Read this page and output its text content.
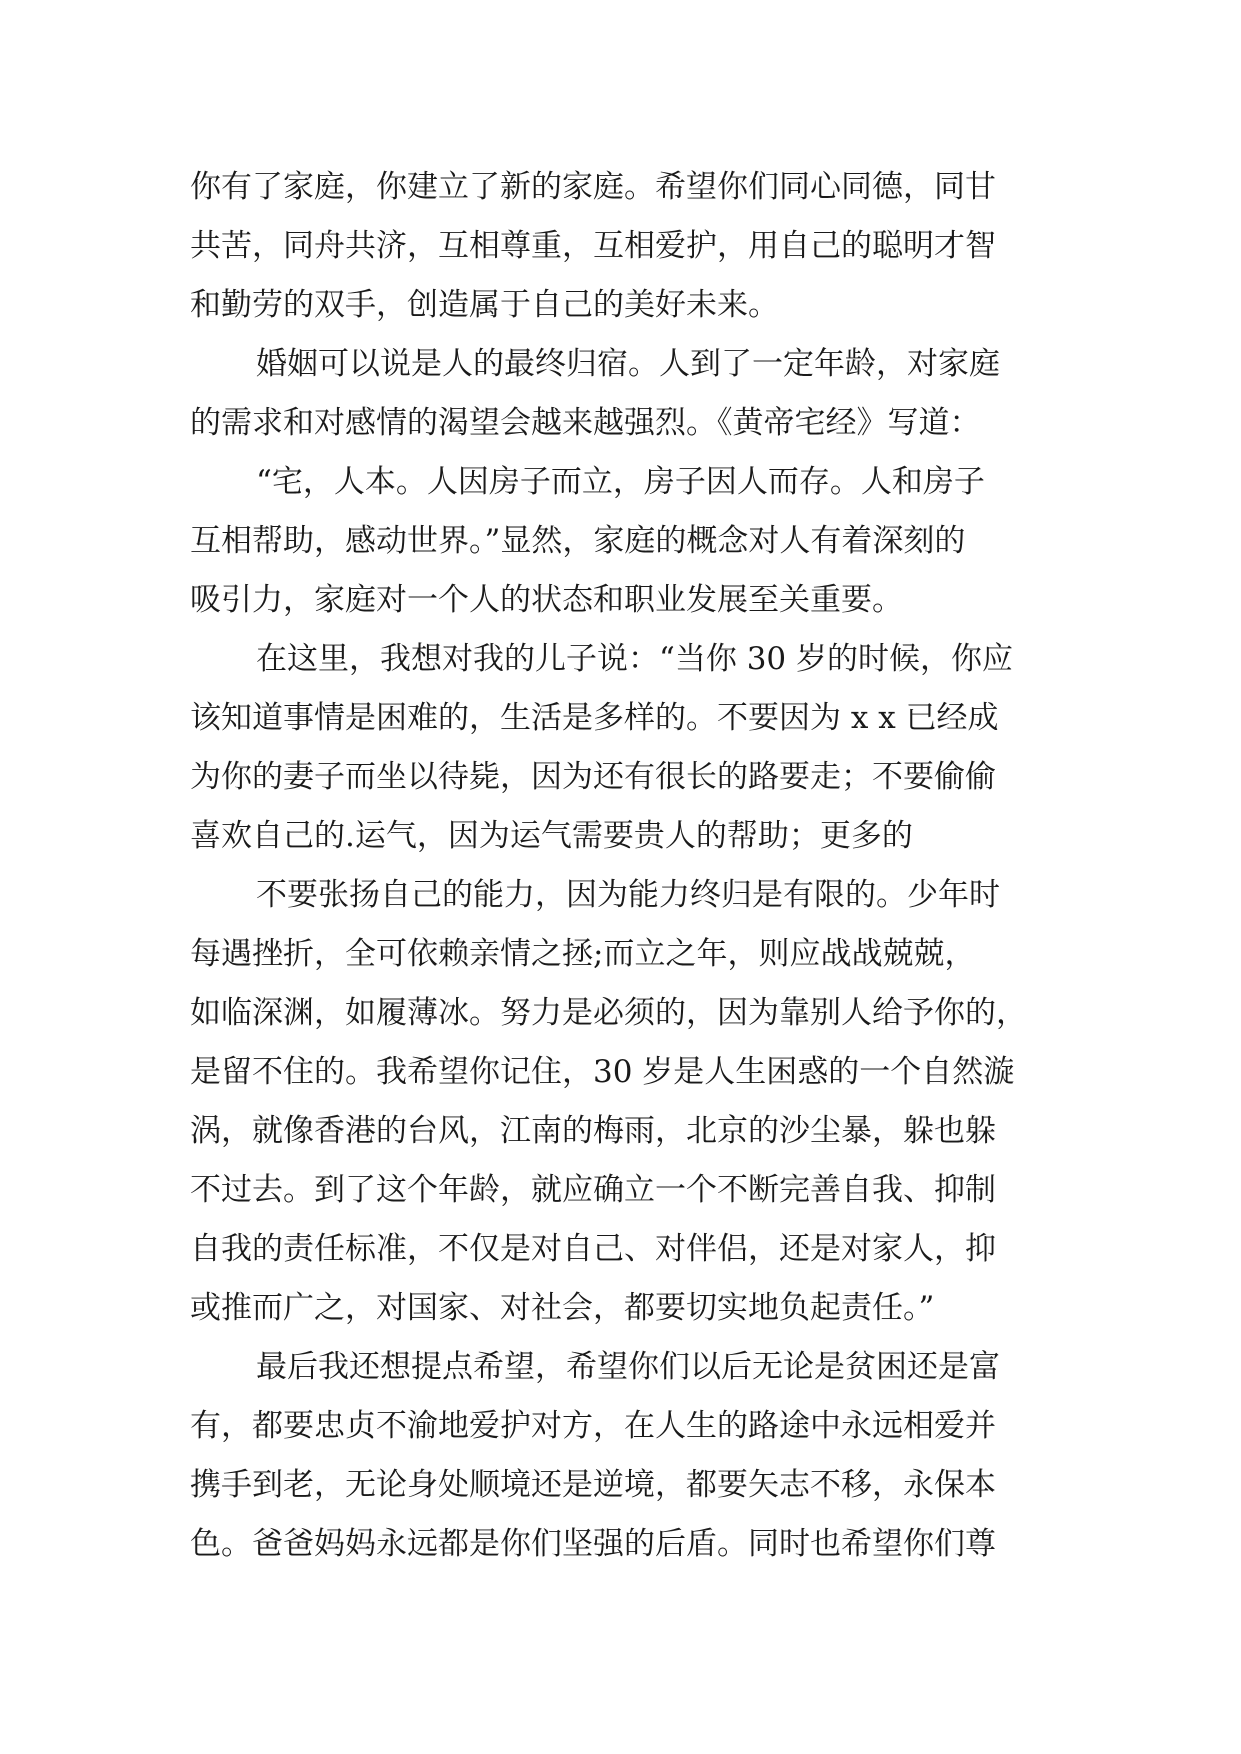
你有了家庭，你建立了新的家庭。希望你们同心同德，同甘
共苦，同舟共济，互相尊重，互相爱护，用自己的聪明才智
和勤劳的双手，创造属于自己的美好未来。
婚姻可以说是人的最终归宿。人到了一定年龄，对家庭
的需求和对感情的渴望会越来越强烈。《黄帝宅经》写道：
“宅，人本。人因房子而立，房子因人而存。人和房子
互相帮助，感动世界。”显然，家庭的概念对人有着深刻的
吸引力，家庭对一个人的状态和职业发展至关重要。
在这里，我想对我的儿子说：“当你 30 岁的时候，你应
该知道事情是困难的，生活是多样的。不要因为 x x 已经成
为你的妻子而坐以待毙，因为还有很长的路要走；不要偷偷
喜欢自己的.运气，因为运气需要贵人的帮助；更多的
不要张扬自己的能力，因为能力终归是有限的。少年时
每遇挫折，全可依赖亲情之拯;而立之年，则应战战兢兢，
如临深渊，如履薄冰。努力是必须的，因为靠别人给予你的，
是留不住的。我希望你记住，30 岁是人生困惑的一个自然漩
涡，就像香港的台风，江南的梅雨，北京的沙尘暴，躲也躲
不过去。到了这个年龄，就应确立一个不断完善自我、抑制
自我的责任标准，不仅是对自己、对伴侣，还是对家人，抑
或推而广之，对国家、对社会，都要切实地负起责任。”
最后我还想提点希望，希望你们以后无论是贫困还是富
有，都要忠贞不渝地爱护对方，在人生的路途中永远相爱并
携手到老，无论身处顺境还是逆境，都要矢志不移，永保本
色。爸爸妈妈永远都是你们坚强的后盾。同时也希望你们尊
